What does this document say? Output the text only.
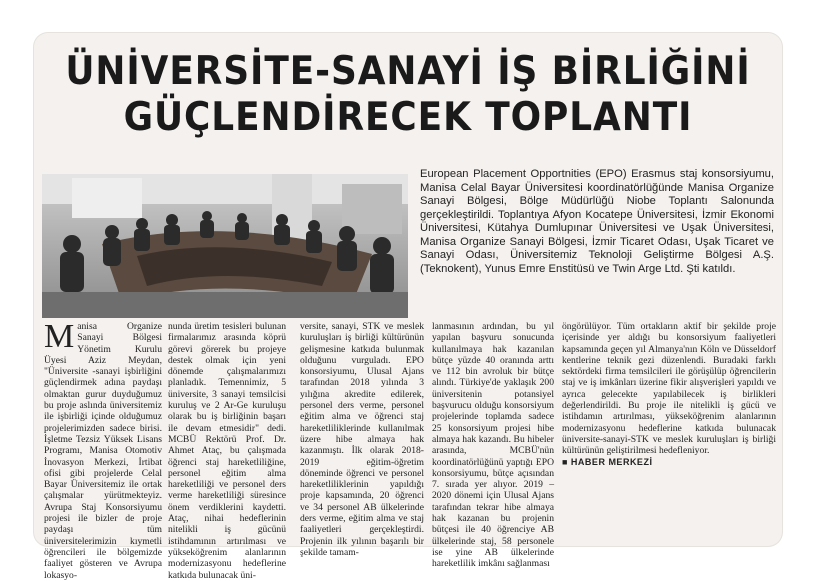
ÜNİVERSİTE-SANAYİ İŞ BİRLİĞİNİ
GÜÇLENDİRECEK TOPLANTI
European Placement Opportnities (EPO) Erasmus staj konsorsiyumu, Manisa Celal Bayar Üniversitesi koordinatörlüğünde Manisa Organize Sanayi Bölgesi, Bölge Müdürlüğü Niobe Toplantı Salonunda gerçekleştirildi. Toplantıya Afyon Kocatepe Üniversitesi, İzmir Ekonomi Üniversitesi, Kütahya Dumlupınar Üniversitesi ve Uşak Üniversitesi, Manisa Organize Sanayi Bölgesi, İzmir Ticaret Odası, Uşak Ticaret ve Sanayi Odası, Üniversitemiz Teknoloji Geliştirme Bölgesi A.Ş. (Teknokent), Yunus Emre Enstitüsü ve Twin Arge Ltd. Şti katıldı.
Manisa Organize Sanayi Bölgesi Yönetim Kurulu Üyesi Aziz Meydan, "Üniversite -sanayi işbirliğini güçlendirmek adına paydaşı olmaktan gurur duyduğumuz bu proje aslında üniversitemiz ile işbirliği içinde olduğumuz projelerimizden sadece birisi. İşletme Tezsiz Yüksek Lisans Programı, Manisa Otomotiv İnovasyon Merkezi, İrtibat ofisi gibi projelerde Celal Bayar Üniversitemiz ile ortak çalışmalar yürütmekteyiz. Avrupa Staj Konsorsiyumu projesi ile bizler de proje paydaşı tüm üniversitelerimizin kıymetli öğrencileri ile bölgemizde faaliyet gösteren ve Avrupa lokasyo-
nunda üretim tesisleri bulunan firmalarımız arasında köprü görevi görerek bu projeye destek olmak için yeni dönemde çalışmalarımızı planladık. Temennimiz, 5 üniversite, 3 sanayi temsilcisi kuruluş ve 2 Ar-Ge kuruluşu olarak bu iş birliğinin başarı ile devam etmesidir" dedi. MCBÜ Rektörü Prof. Dr. Ahmet Ataç, bu çalışmada öğrenci staj hareketliliğine, personel eğitim alma hareketliliği ve personel ders verme hareketliliği süresince önem verdiklerini kaydetti. Ataç, nihai hedeflerinin nitelikli iş gücünü istihdamının artırılması ve yükseköğrenim alanlarının modernizasyonu hedeflerine katkıda bulunacak üni-
versite, sanayi, STK ve meslek kuruluşları iş birliği kültürünün gelişmesine katkıda bulunmak olduğunu vurguladı. EPO konsorsiyumu, Ulusal Ajans tarafından 2018 yılında 3 yılığına akredite edilerek, personel ders verme, personel eğitim alma ve öğrenci staj hareketliliklerinde kullanılmak üzere hibe almaya hak kazanmıştı. İlk olarak 2018-2019 eğitim-öğretim döneminde öğrenci ve personel hareketliliklerinin yapıldığı proje kapsamında, 20 öğrenci ve 34 personel AB ülkelerinde ders verme, eğitim alma ve staj faaliyetleri gerçekleştirdi. Projenin ilk yılının başarılı bir şekilde tamam-
lanmasının ardından, bu yıl yapılan başvuru sonucunda kullanılmaya hak kazanılan bütçe yüzde 40 oranında arttı ve 112 bin avroluk bir bütçe alındı. Türkiye'de yaklaşık 200 üniversitenin potansiyel başvurucu olduğu konsorsiyum projelerinde toplamda sadece 25 konsorsiyum projesi hibe almaya hak kazandı. Bu hibeler arasında, MCBÜ'nün koordinatörlüğünü yaptığı EPO konsorsiyumu, bütçe açısından 7. sırada yer alıyor. 2019 – 2020 dönemi için Ulusal Ajans tarafından tekrar hibe almaya hak kazanan bu projenin bütçesi ile 40 öğrenciye AB ülkelerinde staj, 58 personele ise yine AB ülkelerinde hareketlilik imkânı sağlanması
öngörülüyor. Tüm ortakların aktif bir şekilde proje içerisinde yer aldığı bu konsorsiyum faaliyetleri kapsamında geçen yıl Almanya'nın Köln ve Düsseldorf kentlerine teknik gezi düzenlendi. Buradaki farklı sektördeki firma temsilcileri ile görüşülüp öğrencilerin staj ve iş imkânları üzerine fikir alışverişleri yapıldı ve ayrıca gelecekte yapılabilecek iş birlikleri değerlendirildi. Bu proje ile nitelikli iş gücü ve istihdamın artırılması, yükseköğrenim alanlarının modernizasyonu hedeflerine katkıda bulunacak üniversite-sanayi-STK ve meslek kuruluşları iş birliği kültürünün geliştirilmesi hedefleniyor.
■ HABER MERKEZİ
